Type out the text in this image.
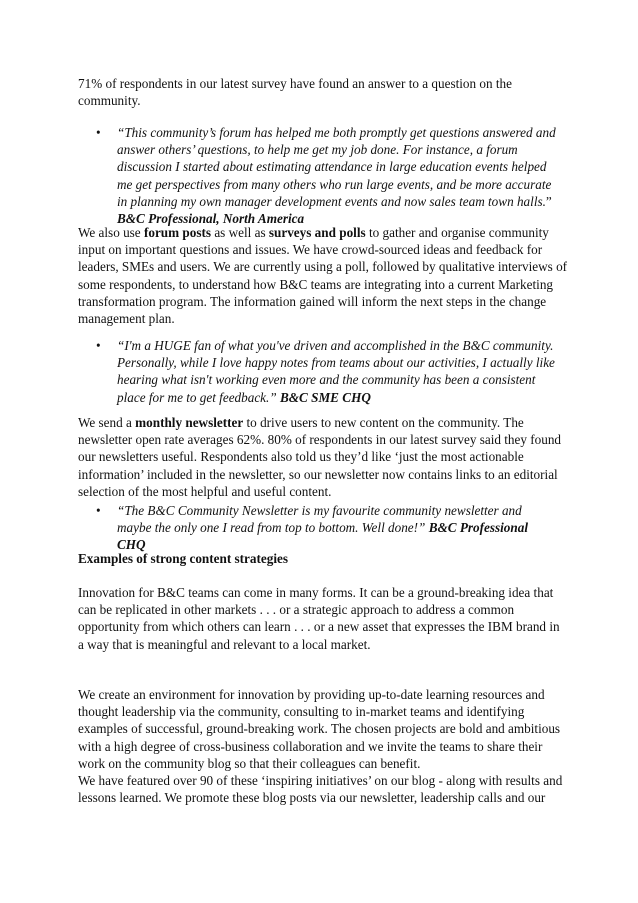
71% of respondents in our latest survey have found an answer to a question on the community.

•	“This community’s forum has helped me both promptly get questions answered and answer others’ questions, to help me get my job done. For instance, a forum discussion I started about estimating attendance in large education events helped me get perspectives from many others who run large events, and be more accurate in planning my own manager development events and now sales team town halls.” B&C Professional, North America

We also use forum posts as well as surveys and polls to gather and organise community input on important questions and issues. We have crowd-sourced ideas and feedback for leaders, SMEs and users. We are currently using a poll, followed by qualitative interviews of some respondents, to understand how B&C teams are integrating into a current Marketing transformation program. The information gained will inform the next steps in the change management plan.

•	“I'm a HUGE fan of what you've driven and accomplished in the B&C community. Personally, while I love happy notes from teams about our activities, I actually like hearing what isn't working even more and the community has been a consistent place for me to get feedback.” B&C SME CHQ

We send a monthly newsletter to drive users to new content on the community. The newsletter open rate averages 62%. 80% of respondents in our latest survey said they found our newsletters useful. Respondents also told us they’d like ‘just the most actionable information’ included in the newsletter, so our newsletter now contains links to an editorial selection of the most helpful and useful content.

•	“The B&C Community Newsletter is my favourite community newsletter and maybe the only one I read from top to bottom. Well done!” B&C Professional CHQ

Examples of strong content strategies

Innovation for B&C teams can come in many forms. It can be a ground-breaking idea that can be replicated in other markets . . . or a strategic approach to address a common opportunity from which others can learn . . . or a new asset that expresses the IBM brand in a way that is meaningful and relevant to a local market.

We create an environment for innovation by providing up-to-date learning resources and thought leadership via the community, consulting to in-market teams and identifying examples of successful, ground-breaking work. The chosen projects are bold and ambitious with a high degree of cross-business collaboration and we invite the teams to share their work on the community blog so that their colleagues can benefit.

We have featured over 90 of these ‘inspiring initiatives’ on our blog - along with results and lessons learned. We promote these blog posts via our newsletter, leadership calls and our
